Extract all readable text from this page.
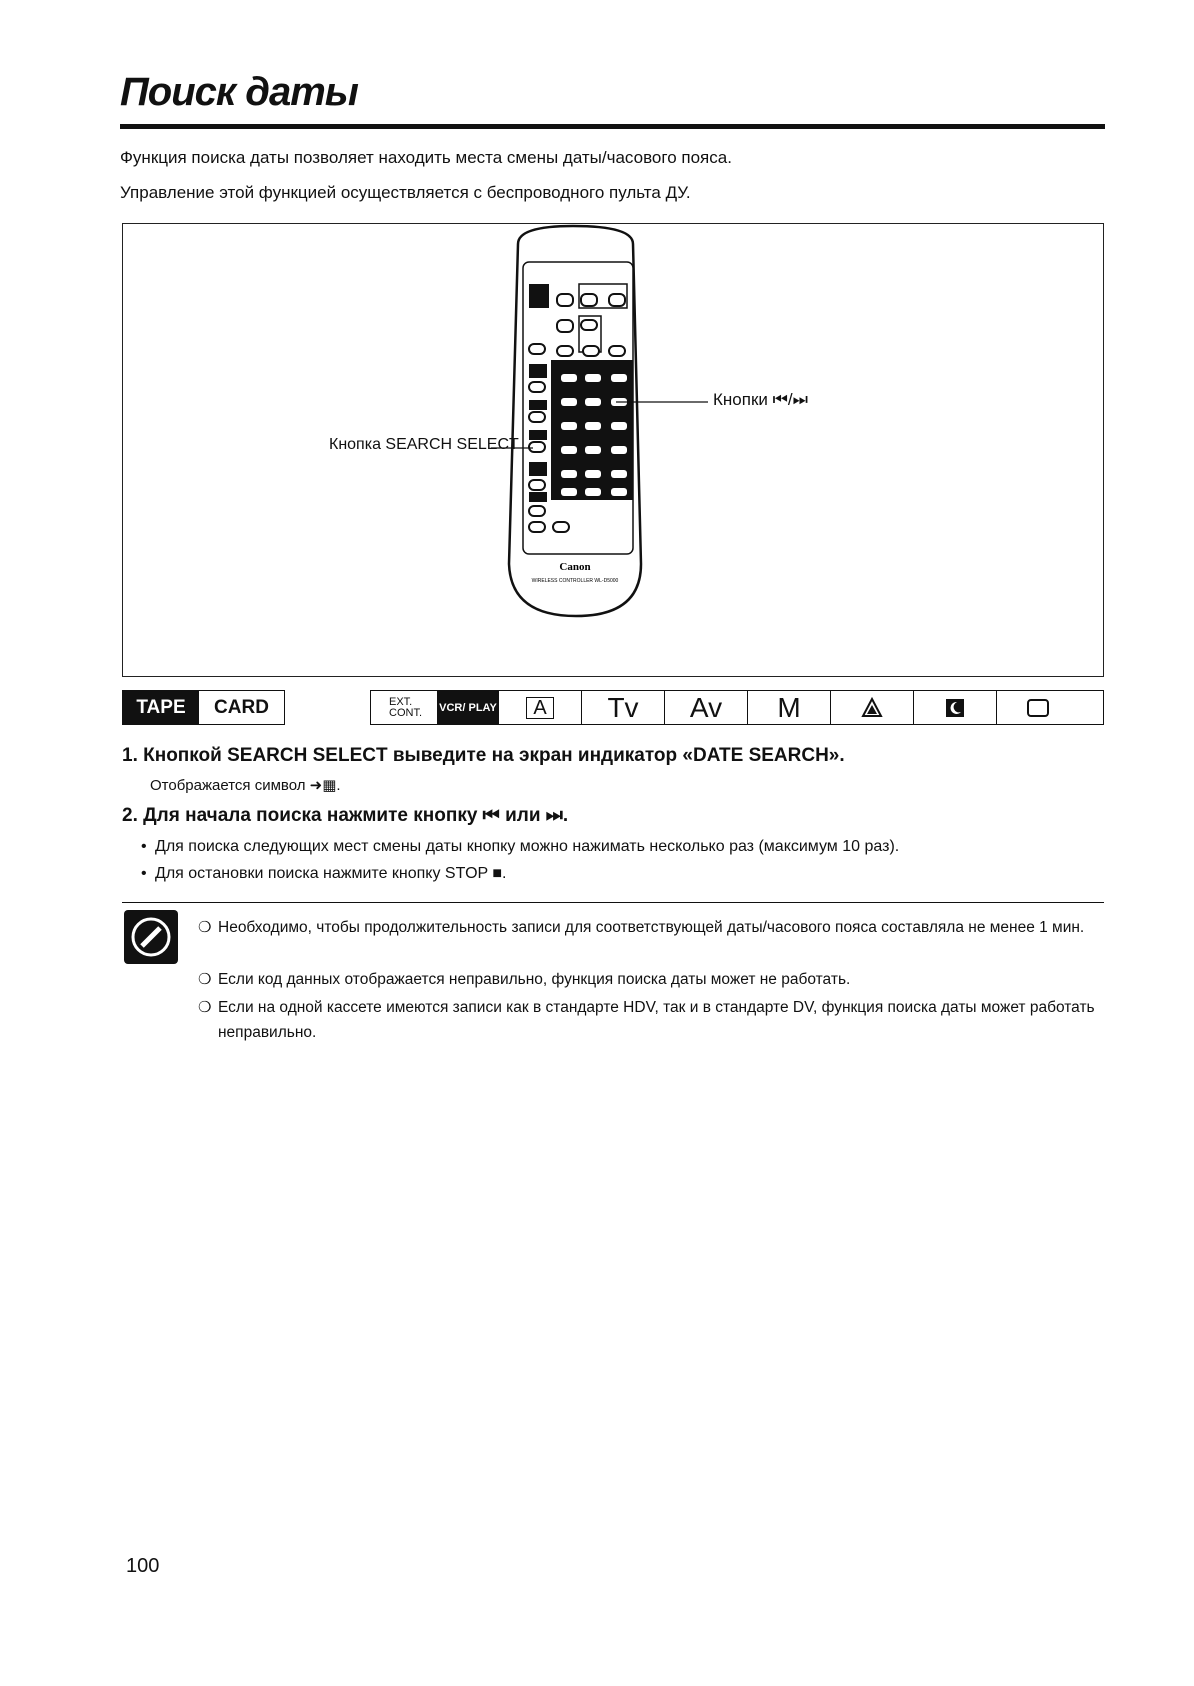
Поиск даты
Функция поиска даты позволяет находить места смены даты/часового пояса.
Управление этой функцией осуществляется с беспроводного пульта ДУ.
Canon
WIRELESS CONTROLLER WL-D5000
Кнопки ⏮/⏭
Кнопка SEARCH SELECT
TAPE	CARD	EXT. CONT.	VCR/ PLAY	A	Tv	Av	M
1. Кнопкой SEARCH SELECT выведите на экран индикатор «DATE SEARCH».
Отображается символ ➜▦.
2. Для начала поиска нажмите кнопку ⏮ или ⏭.
• Для поиска следующих мест смены даты кнопку можно нажимать несколько раз (максимум 10 раз).
• Для остановки поиска нажмите кнопку STOP ■.
❍ Необходимо, чтобы продолжительность записи для соответствующей даты/часового пояса составляла не менее 1 мин.
❍ Если код данных отображается неправильно, функция поиска даты может не работать.
❍ Если на одной кассете имеются записи как в стандарте HDV, так и в стандарте DV, функция поиска даты может работать неправильно.
100
